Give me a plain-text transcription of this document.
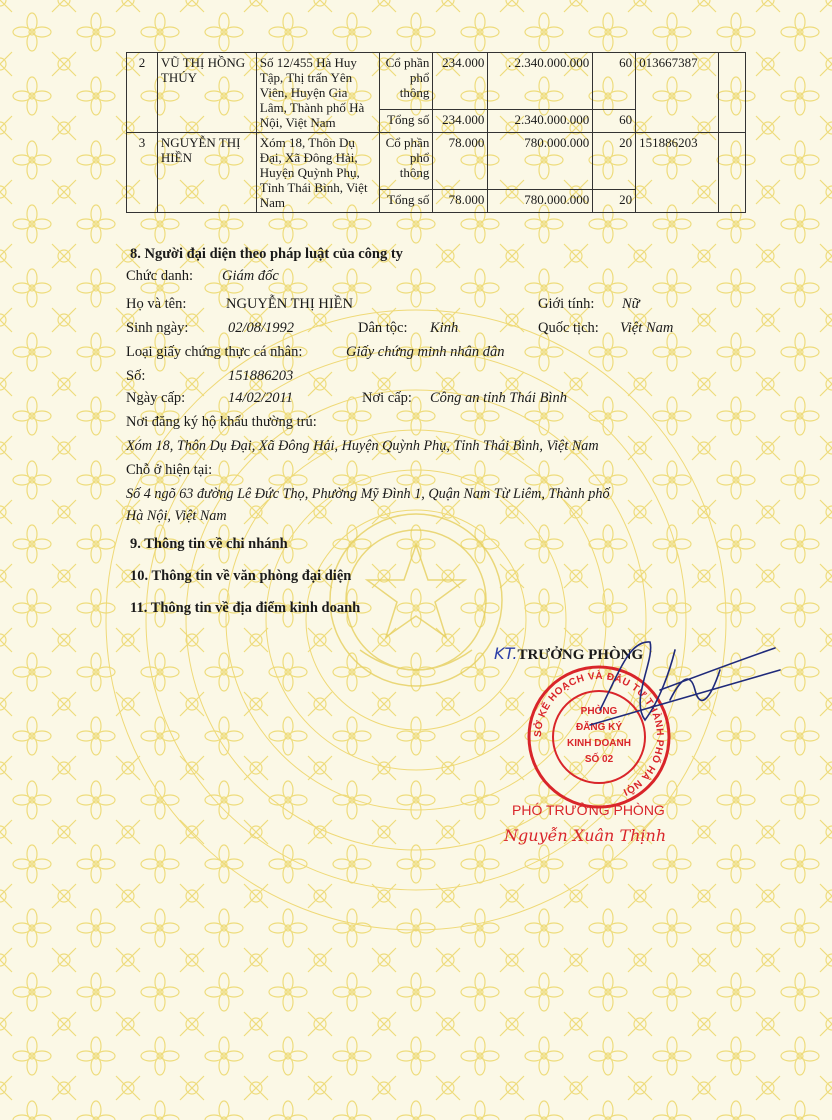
2	VŨ THỊ HỒNG THÚY	Số 12/455 Hà Huy Tập, Thị trấn Yên Viên, Huyện Gia Lâm, Thành phố Hà Nội, Việt Nam	Cổ phần phổ thông	234.000	. 2.340.000.000	60	013667387	
			Tổng số	234.000	2.340.000.000	60		
3	NGUYỄN THỊ HIỀN	Xóm 18, Thôn Dụ Đại, Xã Đông Hải, Huyện Quỳnh Phụ, Tỉnh Thái Bình, Việt Nam	Cổ phần phổ thông	78.000	780.000.000	20	151886203	
			Tổng số	78.000	780.000.000	20		
8. Người đại diện theo pháp luật của công ty
Chức danh: Giám đốc
Họ và tên:	NGUYỄN THỊ HIỀN	Giới tính: Nữ
Sinh ngày:	02/08/1992	Dân tộc: Kinh	Quốc tịch: Việt Nam
Loại giấy chứng thực cá nhân:	Giấy chứng minh nhân dân
Số:	151886203
Ngày cấp:	14/02/2011	Nơi cấp: Công an tỉnh Thái Bình
Nơi đăng ký hộ khẩu thường trú:
Xóm 18, Thôn Dụ Đại, Xã Đông Hải, Huyện Quỳnh Phụ, Tỉnh Thái Bình, Việt Nam
Chỗ ở hiện tại:
Số 4 ngõ 63 đường Lê Đức Thọ, Phường Mỹ Đình 1, Quận Nam Từ Liêm, Thành phố
Hà Nội, Việt Nam
9. Thông tin về chi nhánh
10. Thông tin về văn phòng đại diện
11. Thông tin về địa điểm kinh doanh
KT.TRƯỞNG PHÒNG
SỞ KẾ HOẠCH VÀ ĐẦU TƯ THÀNH PHỐ HÀ NỘI
PHÒNG
ĐĂNG KÝ
KINH DOANH
SỐ 02
PHÓ TRƯỞNG PHÒNG
Nguyễn Xuân Thịnh
